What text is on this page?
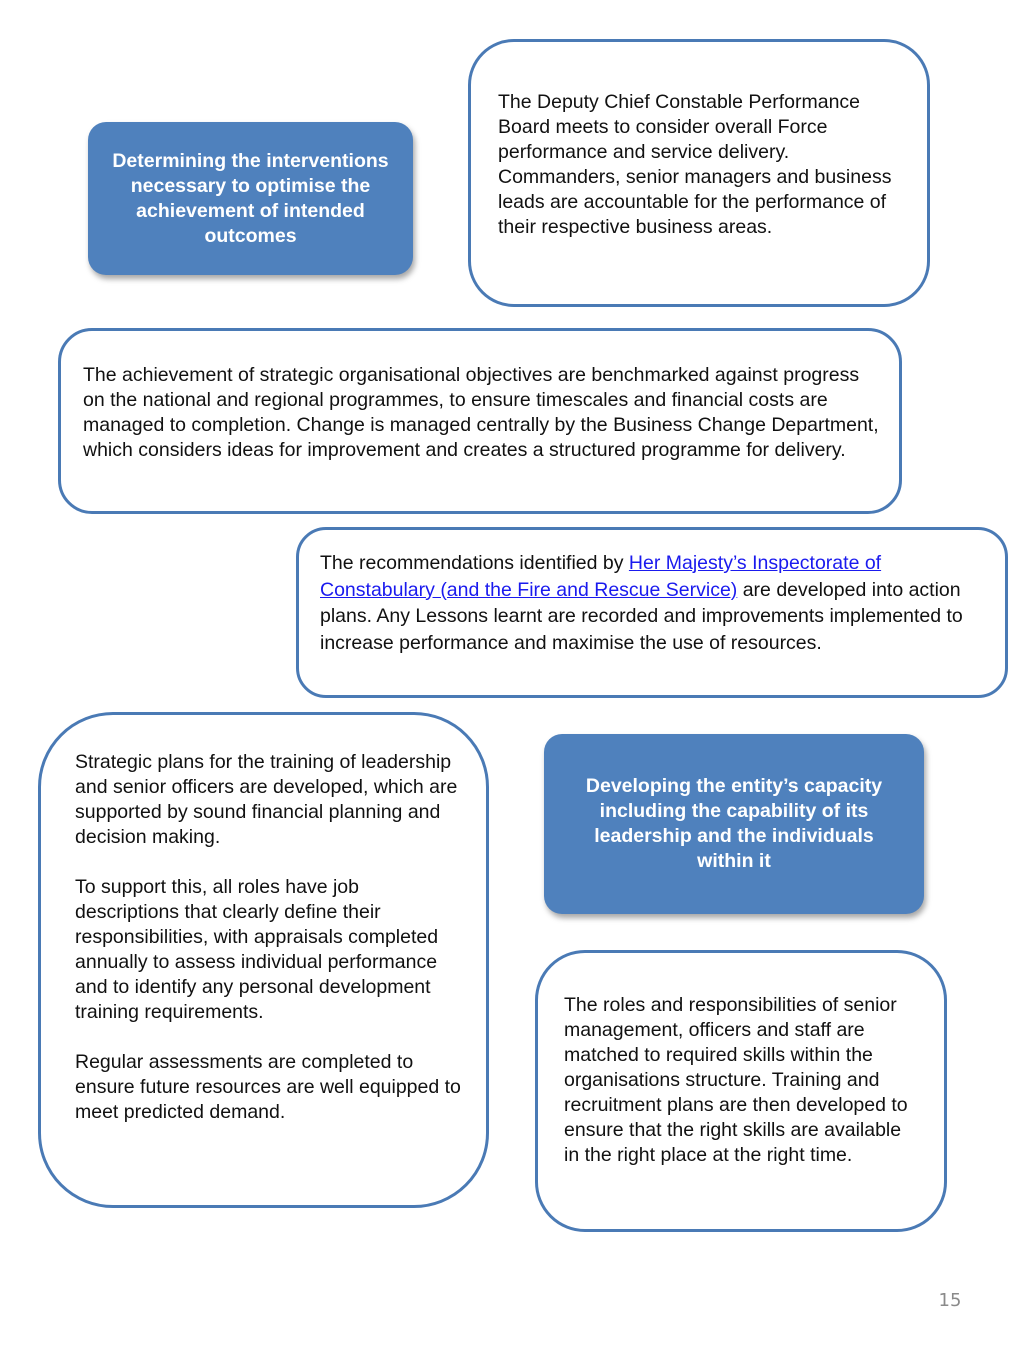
The Deputy Chief Constable Performance Board meets to consider overall Force performance and service delivery. Commanders, senior managers and business leads are accountable for the performance of their respective business areas.

Determining the interventions necessary to optimise the achievement of intended outcomes

The achievement of strategic organisational objectives are benchmarked against progress on the national and regional programmes, to ensure timescales and financial costs are managed to completion. Change is managed centrally by the Business Change Department, which considers ideas for improvement and creates a structured programme for delivery.

The recommendations identified by Her Majesty’s Inspectorate of Constabulary (and the Fire and Rescue Service) are developed into action plans. Any Lessons learnt are recorded and improvements implemented to increase performance and maximise the use of resources.

Strategic plans for the training of leadership and senior officers are developed, which are supported by sound financial planning and decision making.

To support this, all roles have job descriptions that clearly define their responsibilities, with appraisals completed annually to assess individual performance and to identify any personal development training requirements.

Regular assessments are completed to ensure future resources are well equipped to meet predicted demand.

Developing the entity’s capacity including the capability of its leadership and the individuals within it

The roles and responsibilities of senior management, officers and staff are matched to required skills within the organisations structure. Training and recruitment plans are then developed to ensure that the right skills are available in the right place at the right time.

15
